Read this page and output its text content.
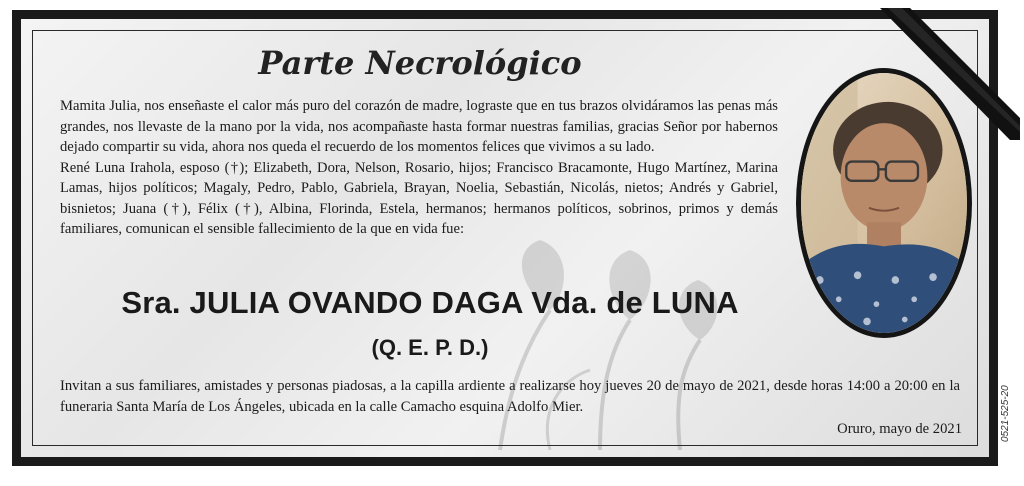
Parte Necrológico

Mamita Julia, nos enseñaste el calor más puro del corazón de madre, lograste que en tus brazos olvidáramos las penas más grandes, nos llevaste de la mano por la vida, nos acompañaste hasta formar nuestras familias, gracias Señor por habernos dejado compartir su vida, ahora nos queda el recuerdo de los momentos felices que vivimos a su lado.

René Luna Irahola, esposo (†); Elizabeth, Dora, Nelson, Rosario, hijos; Francisco Bracamonte, Hugo Martínez, Marina Lamas, hijos políticos; Magaly, Pedro, Pablo, Gabriela, Brayan, Noelia, Sebastián, Nicolás, nietos; Andrés y Gabriel, bisnietos; Juana (†), Félix (†), Albina, Florinda, Estela, hermanos; hermanos políticos, sobrinos, primos y demás familiares, comunican el sensible fallecimiento de la que en vida fue:

Sra. JULIA OVANDO DAGA Vda. de LUNA
(Q. E. P. D.)

Invitan a sus familiares, amistades y personas piadosas, a la capilla ardiente a realizarse hoy jueves 20 de mayo de 2021, desde horas 14:00 a 20:00 en la funeraria Santa María de Los Ángeles, ubicada en la calle Camacho esquina Adolfo Mier.

Oruro, mayo de 2021	0521-525-20
